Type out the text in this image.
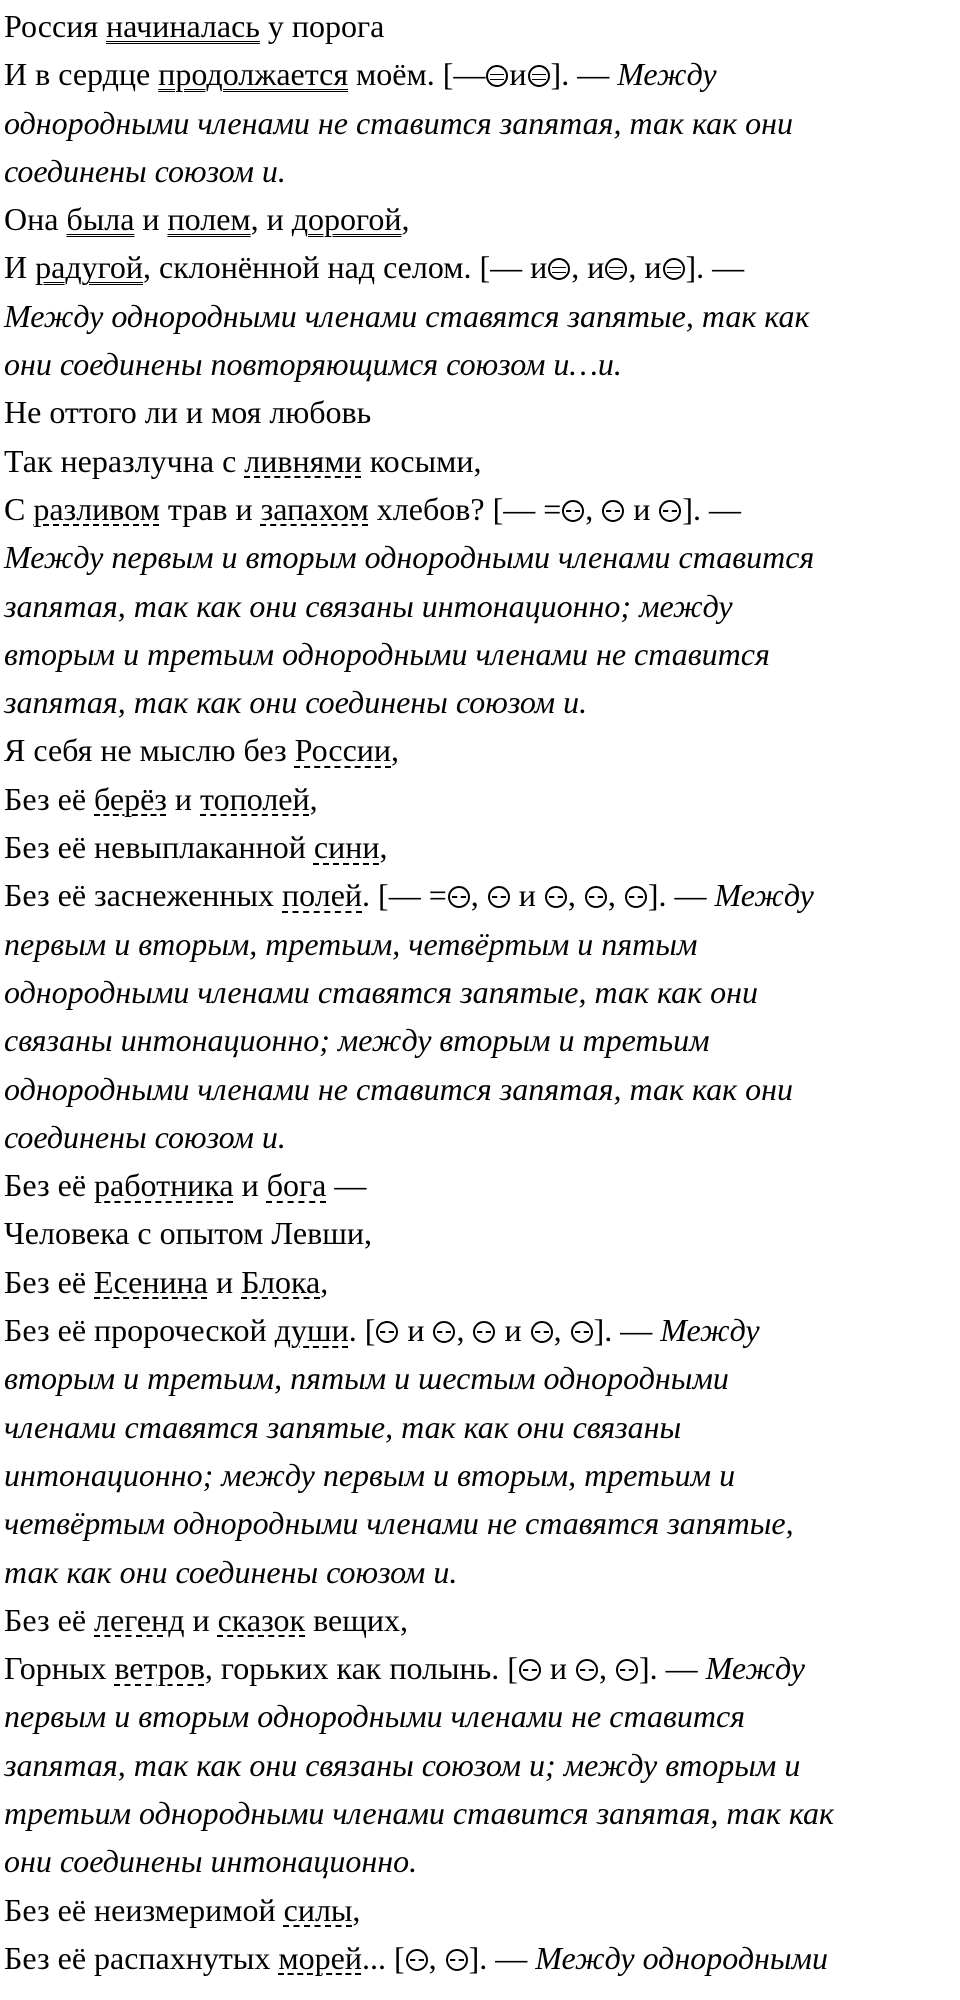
Россия начиналась у порога

И в сердце продолжается моём. [— и ]. — Между

однородными членами не ставится запятая, так как они

соединены союзом и.

Она была и полем, и дорогой,

И радугой, склонённой над селом. [— и , и , и ]. —

Между однородными членами ставятся запятые, так как

они соединены повторяющимся союзом и…и.

Не оттого ли и моя любовь

Так неразлучна с ливнями косыми,

С разливом трав и запахом хлебов? [— = ,  и ]. —

Между первым и вторым однородными членами ставится

запятая, так как они связаны интонационно; между

вторым и третьим однородными членами не ставится

запятая, так как они соединены союзом и.

Я себя не мыслю без России,

Без её берёз и тополей,

Без её невыплаканной сини,

Без её заснеженных полей. [— = ,  и , , ]. — Между

первым и вторым, третьим, четвёртым и пятым

однородными членами ставятся запятые, так как они

связаны интонационно; между вторым и третьим

однородными членами не ставится запятая, так как они

соединены союзом и.

Без её работника и бога —

Человека с опытом Левши,

Без её Есенина и Блока,

Без её пророческой души. [ и ,  и , ]. — Между

вторым и третьим, пятым и шестым однородными

членами ставятся запятые, так как они связаны

интонационно; между первым и вторым, третьим и

четвёртым однородными членами не ставятся запятые,

так как они соединены союзом и.

Без её легенд и сказок вещих,

Горных ветров, горьких как полынь. [ и , ]. — Между

первым и вторым однородными членами не ставится

запятая, так как они связаны союзом и; между вторым и

третьим однородными членами ставится запятая, так как

они соединены интонационно.

Без её неизмеримой силы,

Без её распахнутых морей... [ , ]. — Между однородными
